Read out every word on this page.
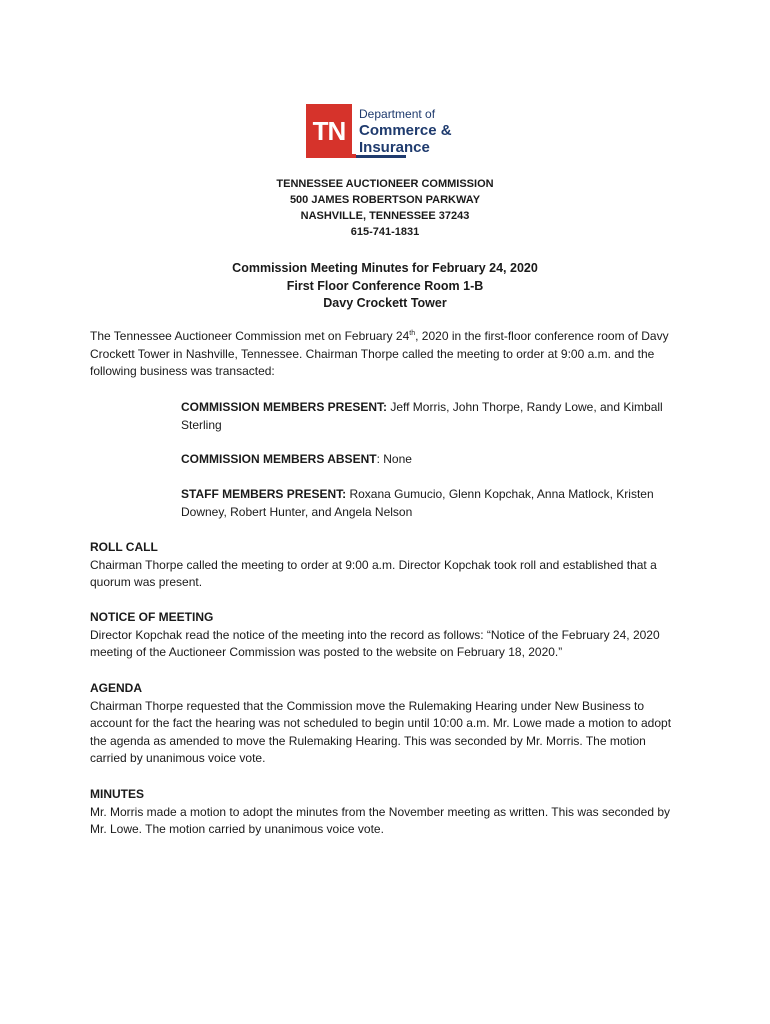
TN
Department of
Commerce &
Insurance
TENNESSEE AUCTIONEER COMMISSION
500 JAMES ROBERTSON PARKWAY
NASHVILLE, TENNESSEE 37243
615-741-1831
Commission Meeting Minutes for February 24, 2020
First Floor Conference Room 1-B
Davy Crockett Tower
The Tennessee Auctioneer Commission met on February 24th, 2020 in the first-floor conference room of Davy Crockett Tower in Nashville, Tennessee. Chairman Thorpe called the meeting to order at 9:00 a.m. and the following business was transacted:
COMMISSION MEMBERS PRESENT: Jeff Morris, John Thorpe, Randy Lowe, and Kimball Sterling
COMMISSION MEMBERS ABSENT: None
STAFF MEMBERS PRESENT: Roxana Gumucio, Glenn Kopchak, Anna Matlock, Kristen Downey, Robert Hunter, and Angela Nelson
ROLL CALL
Chairman Thorpe called the meeting to order at 9:00 a.m. Director Kopchak took roll and established that a quorum was present.
NOTICE OF MEETING
Director Kopchak read the notice of the meeting into the record as follows: “Notice of the February 24, 2020 meeting of the Auctioneer Commission was posted to the website on February 18, 2020.”
AGENDA
Chairman Thorpe requested that the Commission move the Rulemaking Hearing under New Business to account for the fact the hearing was not scheduled to begin until 10:00 a.m. Mr. Lowe made a motion to adopt the agenda as amended to move the Rulemaking Hearing. This was seconded by Mr. Morris. The motion carried by unanimous voice vote.
MINUTES
Mr. Morris made a motion to adopt the minutes from the November meeting as written. This was seconded by Mr. Lowe. The motion carried by unanimous voice vote.
